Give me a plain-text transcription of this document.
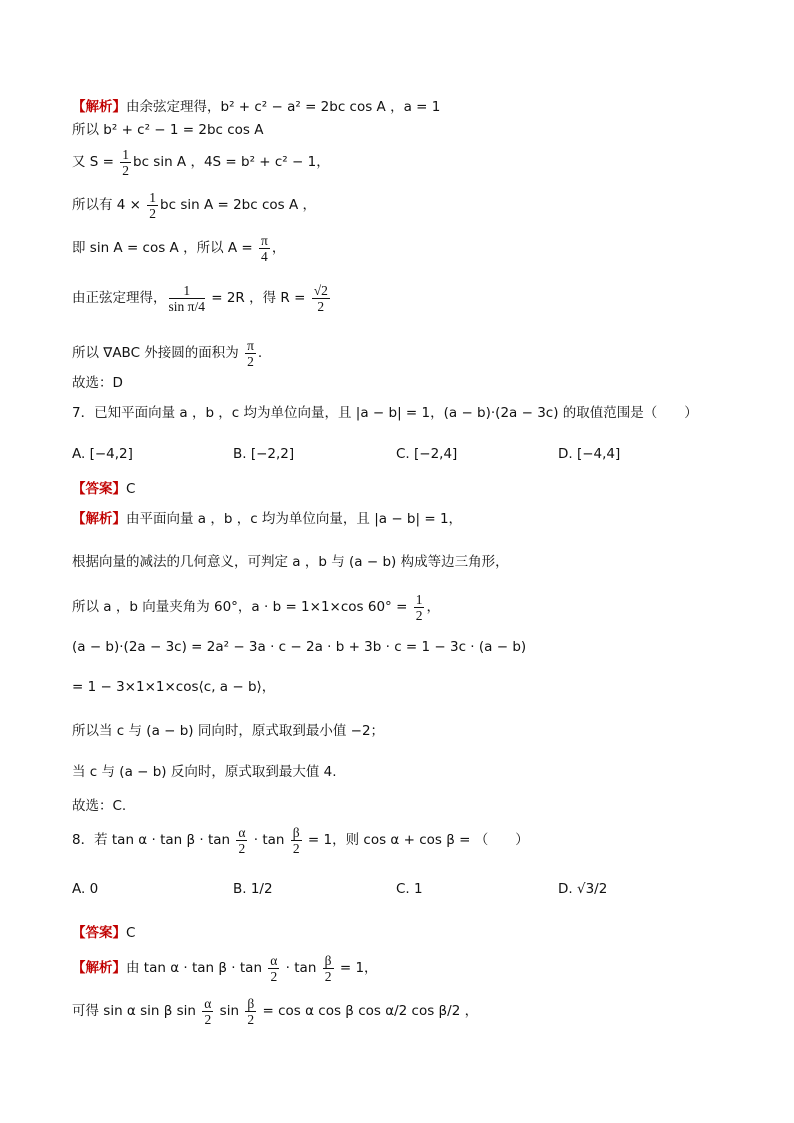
【解析】由余弦定理得，b² + c² − a² = 2bc cos A ，a = 1
所以 b² + c² − 1 = 2bc cos A
又 $S = \frac{1}{2}$ bc sin A ，4S = b² + c² − 1，
所以有 $4 \times \frac{1}{2}$ bc sin A = 2bc cos A ，
即 sin A = cos A ，所以 $A = \frac{\pi}{4}$ ，
由正弦定理得， $\frac{1}{\text{sin π/4}} = 2R$ ，得 $R = \frac{√2}{2}$
所以 ∇ABC 外接圆的面积为 $\frac{\pi}{2}$ .
故选：D
7．已知平面向量 a ，b ，c 均为单位向量，且 |a − b| = 1，(a − b)·(2a − 3c) 的取值范围是（　　）
A. [−4,2]	B. [−2,2]	C. [−2,4]	D. [−4,4]
【答案】C
【解析】由平面向量 a ，b ，c 均为单位向量，且 |a − b| = 1，
根据向量的减法的几何意义，可判定 a ，b 与 (a − b) 构成等边三角形，
所以 a ，b 向量夹角为 60°，a · b = 1×1×cos $60^\circ = \frac{1}{2}$ ，
(a − b)·(2a − 3c) = 2a² − 3a · c − 2a · b + 3b · c = 1 − 3c · (a − b)
= 1 − 3×1×1×cos⟨c, a − b⟩，
所以当 c 与 (a − b) 同向时，原式取到最小值 −2；
当 c 与 (a − b) 反向时，原式取到最大值 4.
故选：C.
8．若 $\tan \alpha \cdot \tan \beta \cdot \tan \frac{\alpha}{2} \cdot \tan \frac{\beta}{2} = 1$，则 cos α + cos β = （　　）
A. 0	B. 1/2	C. 1	D. √3/2
【答案】C
【解析】由 $\tan \alpha \cdot \tan \beta \cdot \tan \frac{\alpha}{2} \cdot \tan \frac{\beta}{2} = 1$，
可得 sin α sin β $\sin \frac{\alpha}{2}$ $\sin \frac{\beta}{2} = \cos \alpha$ cos β cos α/2 cos β/2 ，
